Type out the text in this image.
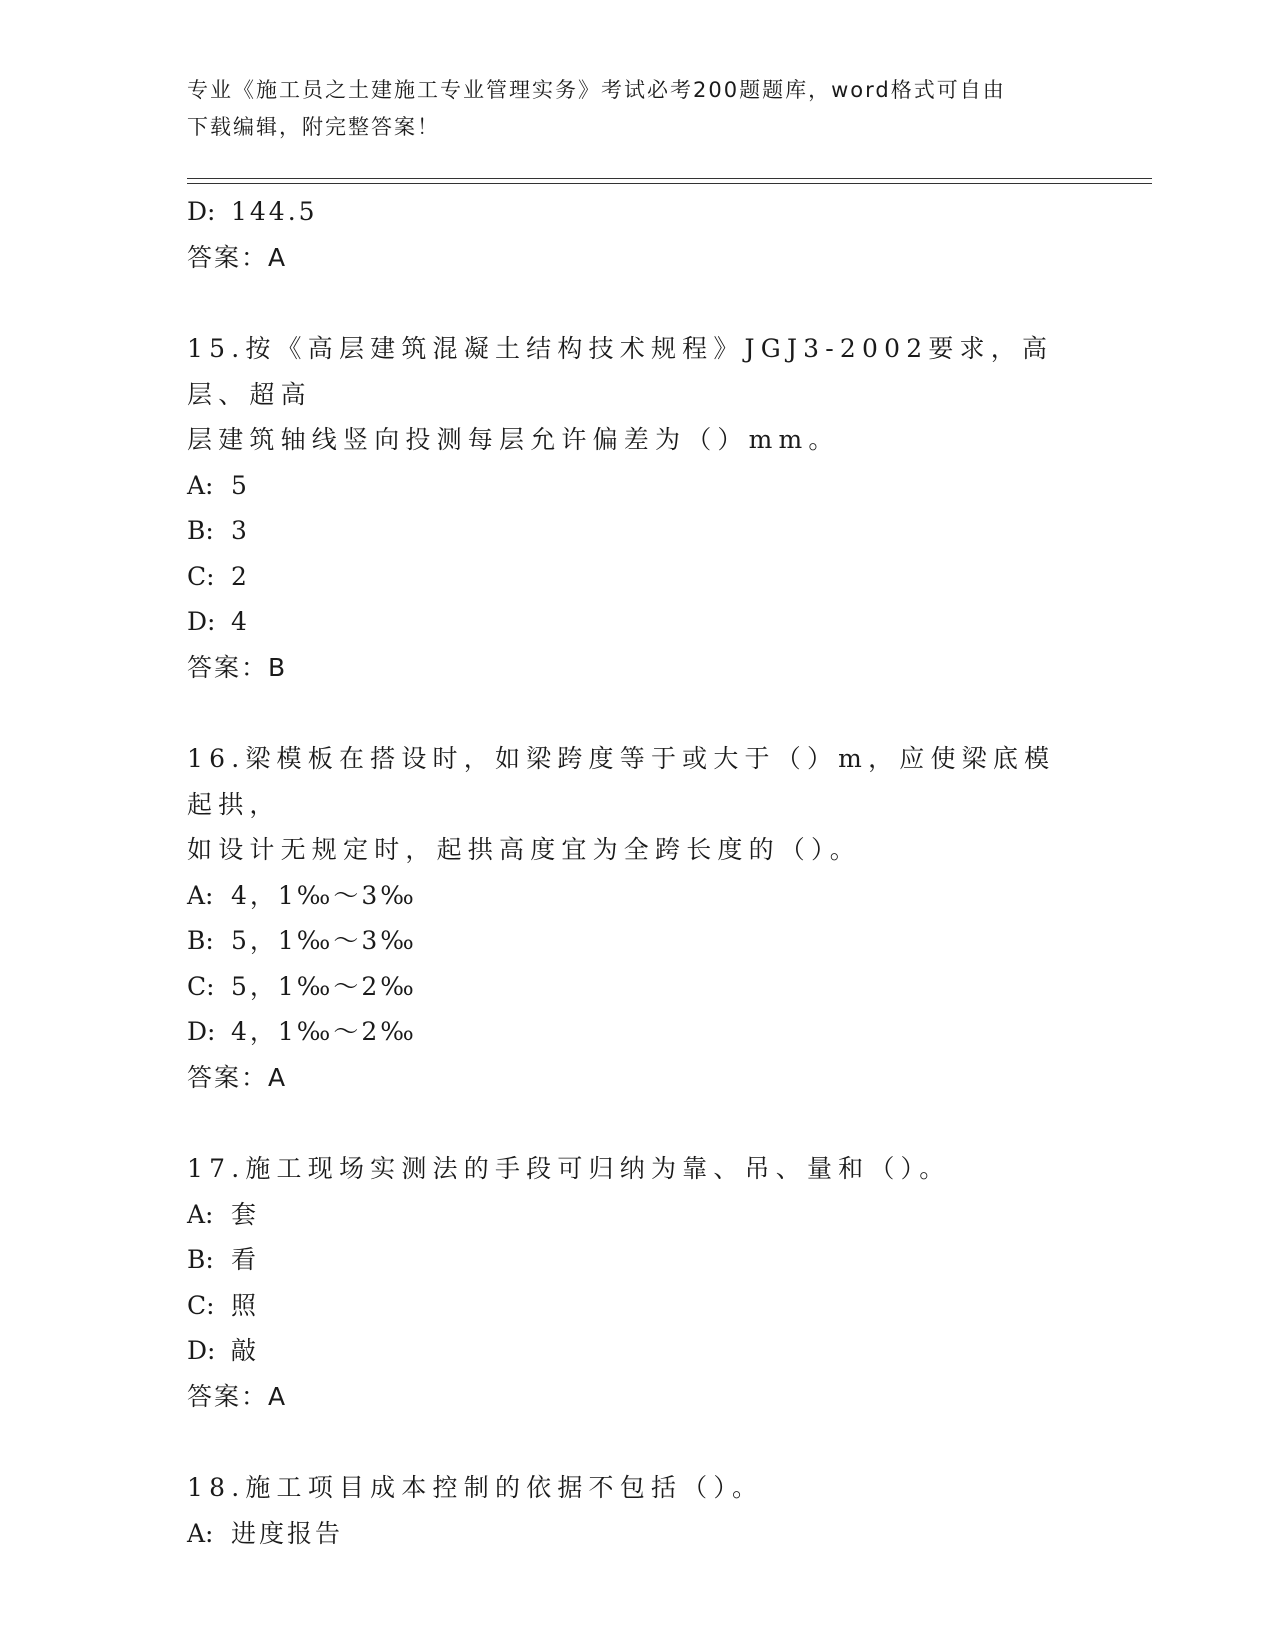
专业《施工员之土建施工专业管理实务》考试必考200题题库，word格式可自由
下载编辑，附完整答案！
D: 144.5
答案：A
15.按《高层建筑混凝土结构技术规程》JGJ3-2002要求，高层、超高
层建筑轴线竖向投测每层允许偏差为（）mm。
A: 5
B: 3
C: 2
D: 4
答案：B
16.梁模板在搭设时，如梁跨度等于或大于（）m，应使梁底模起拱，
如设计无规定时，起拱高度宜为全跨长度的（）。
A: 4，1‰～3‰
B: 5，1‰～3‰
C: 5，1‰～2‰
D: 4，1‰～2‰
答案：A
17.施工现场实测法的手段可归纳为靠、吊、量和（）。
A: 套
B: 看
C: 照
D: 敲
答案：A
18.施工项目成本控制的依据不包括（）。
A: 进度报告
